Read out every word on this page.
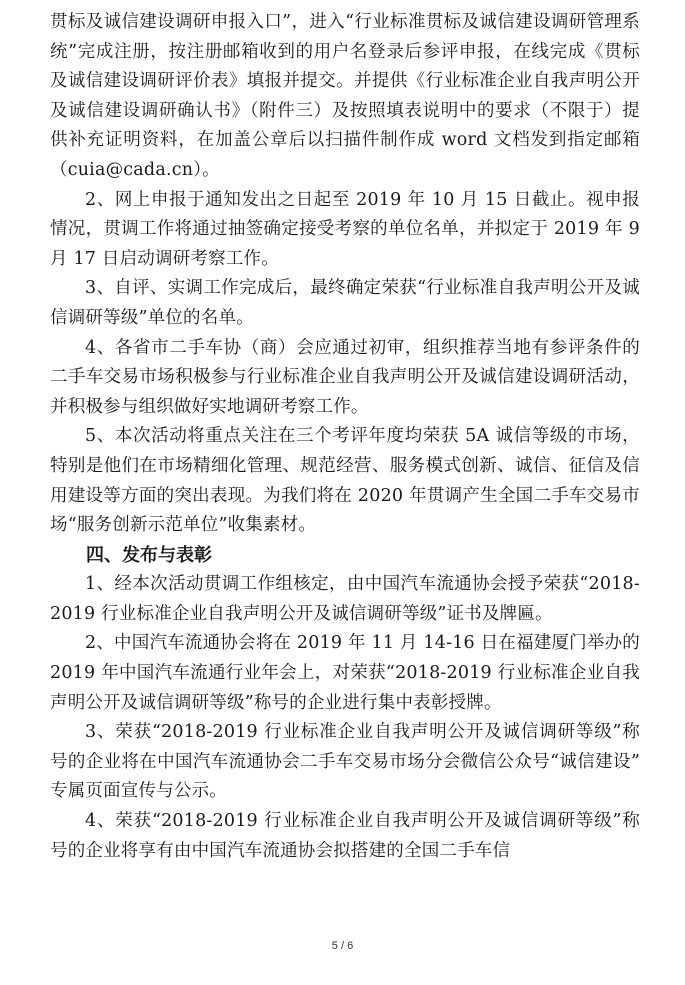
贯标及诚信建设调研申报入口”，进入“行业标准贯标及诚信建设调研管理系统”完成注册，按注册邮箱收到的用户名登录后参评申报，在线完成《贯标及诚信建设调研评价表》填报并提交。并提供《行业标准企业自我声明公开及诚信建设调研确认书》（附件三）及按照填表说明中的要求（不限于）提供补充证明资料，在加盖公章后以扫描件制作成 word 文档发到指定邮箱（cuia@cada.cn）。

2、网上申报于通知发出之日起至 2019 年 10 月 15 日截止。视申报情况，贯调工作将通过抽签确定接受考察的单位名单，并拟定于 2019 年 9 月 17 日启动调研考察工作。

3、自评、实调工作完成后，最终确定荣获“行业标准自我声明公开及诚信调研等级”单位的名单。

4、各省市二手车协（商）会应通过初审，组织推荐当地有参评条件的二手车交易市场积极参与行业标准企业自我声明公开及诚信建设调研活动，并积极参与组织做好实地调研考察工作。

5、本次活动将重点关注在三个考评年度均荣获 5A 诚信等级的市场，特别是他们在市场精细化管理、规范经营、服务模式创新、诚信、征信及信用建设等方面的突出表现。为我们将在 2020 年贯调产生全国二手车交易市场“服务创新示范单位”收集素材。

四、发布与表彰

1、经本次活动贯调工作组核定，由中国汽车流通协会授予荣获“2018-2019 行业标准企业自我声明公开及诚信调研等级”证书及牌匾。

2、中国汽车流通协会将在 2019 年 11 月 14-16 日在福建厦门举办的 2019 年中国汽车流通行业年会上，对荣获“2018-2019 行业标准企业自我声明公开及诚信调研等级”称号的企业进行集中表彰授牌。

3、荣获“2018-2019 行业标准企业自我声明公开及诚信调研等级”称号的企业将在中国汽车流通协会二手车交易市场分会微信公众号“诚信建设” 专属页面宣传与公示。

4、荣获“2018-2019 行业标准企业自我声明公开及诚信调研等级”称号的企业将享有由中国汽车流通协会拟搭建的全国二手车信

5 / 6
